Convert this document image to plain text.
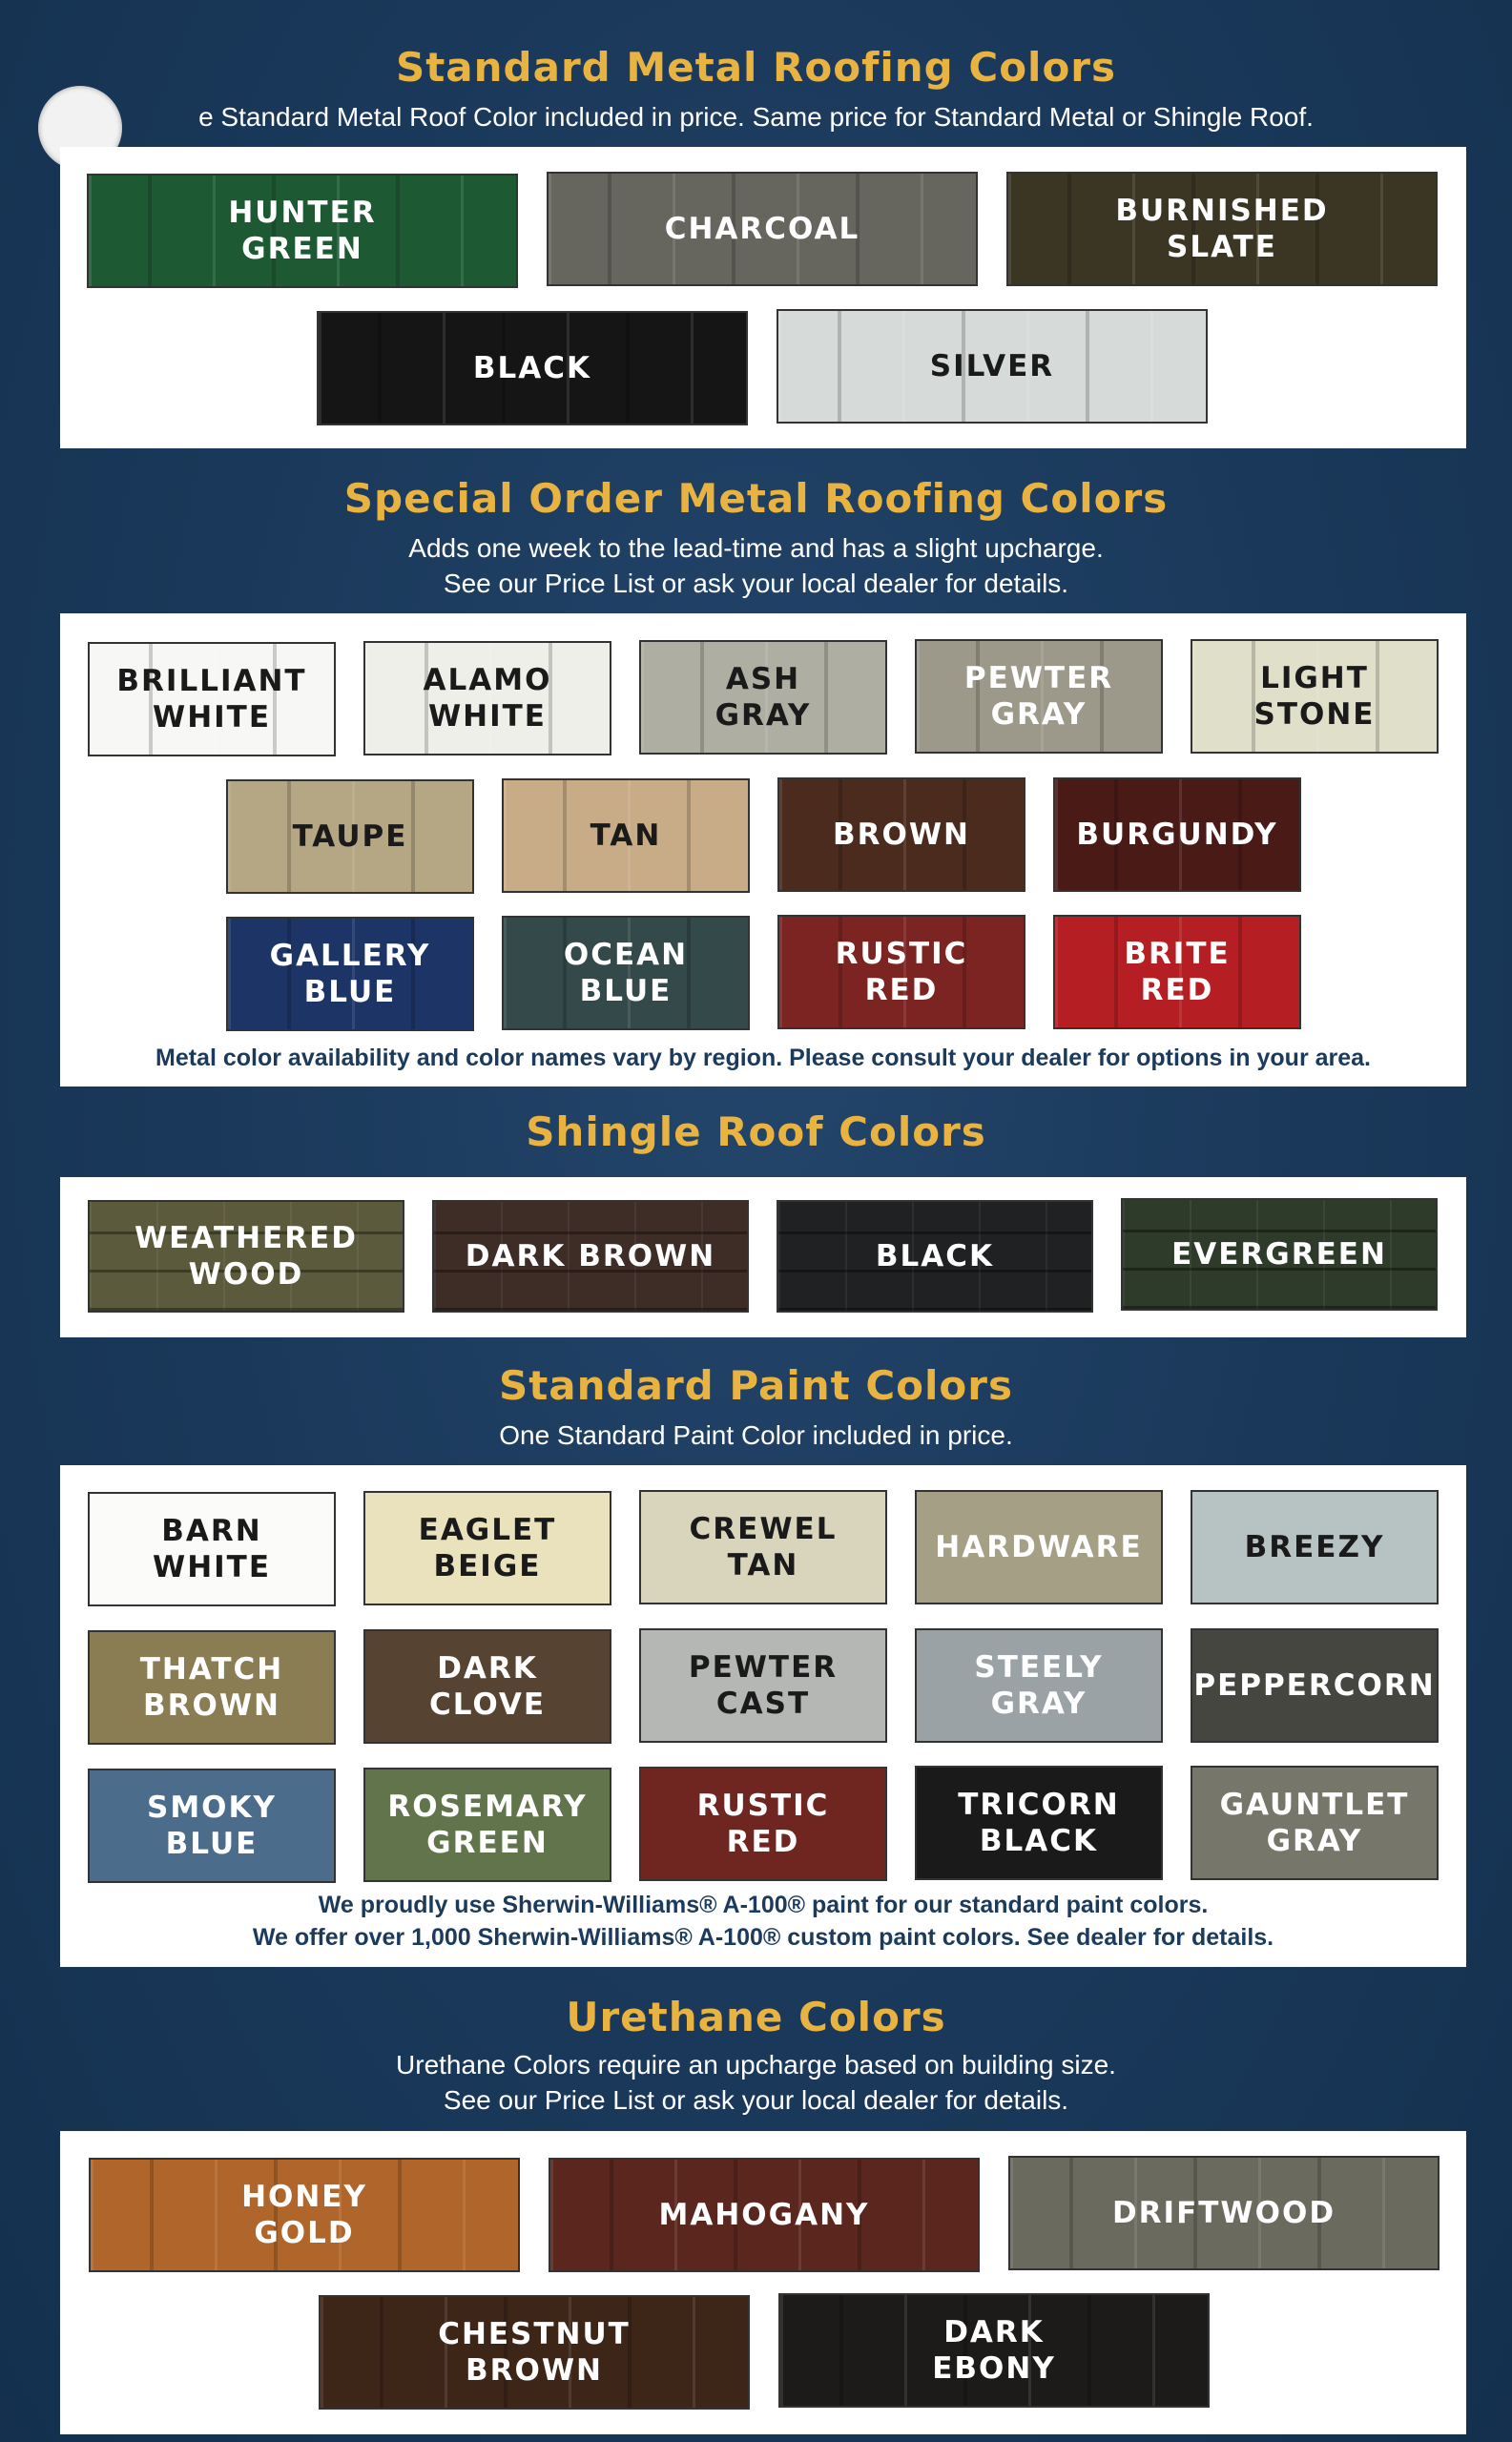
Standard Metal Roofing Colors

e Standard Metal Roof Color included in price. Same price for Standard Metal or Shingle Roof.

HUNTER
GREEN
CHARCOAL
BURNISHED
SLATE
BLACK	SILVER
Special Order Metal Roofing Colors

Adds one week to the lead-time and has a slight upcharge.

See our Price List or ask your local dealer for details.

BRILLIANT
WHITE
ALAMO
WHITE
ASH
GRAY
PEWTER
GRAY
LIGHT
STONE
TAUPE	TAN	BROWN	BURGUNDY
GALLERY
BLUE
OCEAN
BLUE
RUSTIC
RED
BRITE
RED

Metal color availability and color names vary by region. Please consult your dealer for options in your area.

Shingle Roof Colors
WEATHERED
WOOD
DARK BROWN	BLACK	EVERGREEN
Standard Paint Colors

One Standard Paint Color included in price.

BARN
WHITE
EAGLET
BEIGE
CREWEL
TAN
HARDWARE	BREEZY
THATCH
BROWN
DARK
CLOVE
PEWTER
CAST
STEELY
GRAY
PEPPERCORN
SMOKY
BLUE
ROSEMARY
GREEN
RUSTIC
RED
TRICORN
BLACK
GAUNTLET
GRAY

We proudly use Sherwin-Williams® A-100® paint for our standard paint colors.

We offer over 1,000 Sherwin-Williams® A-100® custom paint colors. See dealer for details.

Urethane Colors

Urethane Colors require an upcharge based on building size.

See our Price List or ask your local dealer for details.

HONEY
GOLD
MAHOGANY	DRIFTWOOD
CHESTNUT
BROWN
DARK
EBONY
